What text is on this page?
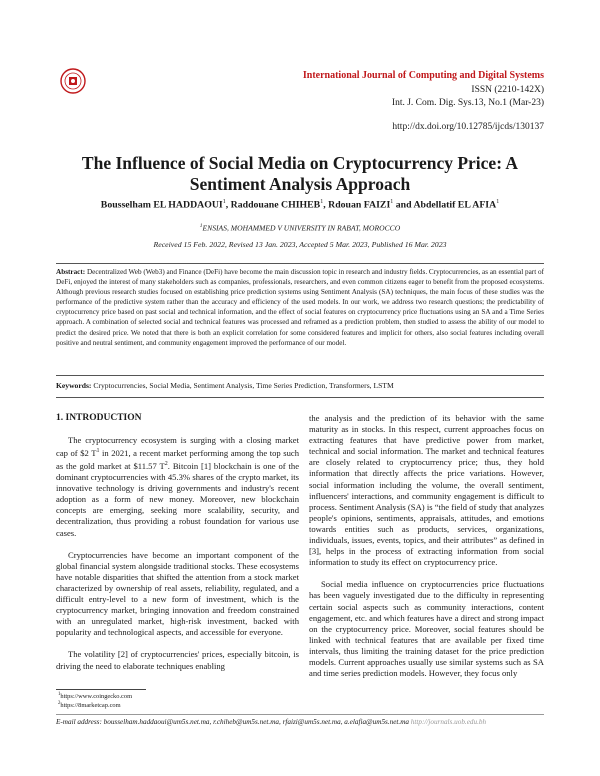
International Journal of Computing and Digital Systems
ISSN (2210-142X)
Int. J. Com. Dig. Sys.13, No.1 (Mar-23)
http://dx.doi.org/10.12785/ijcds/130137
The Influence of Social Media on Cryptocurrency Price: A
Sentiment Analysis Approach
Bousselham EL HADDAOUI$^1$, Raddouane CHIHEB$^1$, Rdouan FAIZI$^1$ and Abdellatif EL AFIA$^1$
$^1$ENSIAS, MOHAMMED V UNIVERSITY IN RABAT, MOROCCO
Received 15 Feb. 2022, Revised 13 Jan. 2023, Accepted 5 Mar. 2023, Published 16 Mar. 2023
Abstract: Decentralized Web (Web3) and Finance (DeFi) have become the main discussion topic in research and industry fields. Cryptocurrencies, as an essential part of DeFi, enjoyed the interest of many stakeholders such as companies, professionals, researchers, and even common citizens eager to benefit from the proposed ecosystems. Although previous research studies focused on establishing price prediction systems using Sentiment Analysis (SA) techniques, the main focus of these studies was the performance of the predictive system rather than the accuracy and efficiency of the used models. In our work, we address two research questions; the predictability of cryptocurrency price based on past social and technical information, and the effect of social features on cryptocurrency price fluctuations using an SA and a Time Series approach. A combination of selected social and technical features was processed and reframed as a prediction problem, then studied to assess the ability of our model to predict the desired price. We noted that there is both an explicit correlation for some considered features and implicit for others, also social features including overall positive and neutral sentiment, and community engagement improved the performance of our model.
Keywords: Cryptocurrencies, Social Media, Sentiment Analysis, Time Series Prediction, Transformers, LSTM

1. INTRODUCTION

The cryptocurrency ecosystem is surging with a closing market cap of $2 $T^1$ in 2021, a recent market performing among the top such as the gold market at $11.57 $T^2$. Bitcoin [1] blockchain is one of the dominant cryptocurrencies with 45.3% shares of the crypto market, its innovative technology is driving governments and industry's recent adoption as a form of new money. Moreover, new blockchain concepts are emerging, seeking more scalability, security, and decentralization, thus providing a robust foundation for various use cases.

Cryptocurrencies have become an important component of the global financial system alongside traditional stocks. These ecosystems have notable disparities that shifted the attention from a stock market characterized by ownership of real assets, reliability, regulated, and a difficult entry-level to a new form of investment, which is the cryptocurrency market, bringing innovation and freedom constrained with an unregulated market, high-risk investment, backed with popularity and technological aspects, and accessible for everyone.

The volatility [2] of cryptocurrencies' prices, especially bitcoin, is driving the need to elaborate techniques enabling

the analysis and the prediction of its behavior with the same maturity as in stocks. In this respect, current approaches focus on extracting features that have predictive power from market, technical and social information. The market and technical features are closely related to cryptocurrency price; thus, they hold information that directly affects the price variations. However, social information including the volume, the overall sentiment, influencers' interactions, and community engagement is difficult to process. Sentiment Analysis (SA) is “the field of study that analyzes people's opinions, sentiments, appraisals, attitudes, and emotions towards entities such as products, services, organizations, individuals, issues, events, topics, and their attributes” as defined in [3], helps in the process of extracting information from social information to study its effect on cryptocurrency price.

Social media influence on cryptocurrencies price fluctuations has been vaguely investigated due to the difficulty in representing certain social aspects such as community interactions, content engagement, etc. and which features have a direct and strong impact on the cryptocurrency price. Moreover, social features should be linked with technical features that are available per fixed time intervals, thus limiting the training dataset for the price prediction models. Current approaches usually use similar systems such as SA and time series prediction models. However, they focus only

$^1$https://www.coingecko.com
$^2$https://8marketcap.com
E-mail address: bousselham.haddaoui@um5s.net.ma, r.chiheb@um5s.net.ma, rfaizi@um5s.net.ma, a.elafia@um5s.net.ma http://journals.uob.edu.bh
